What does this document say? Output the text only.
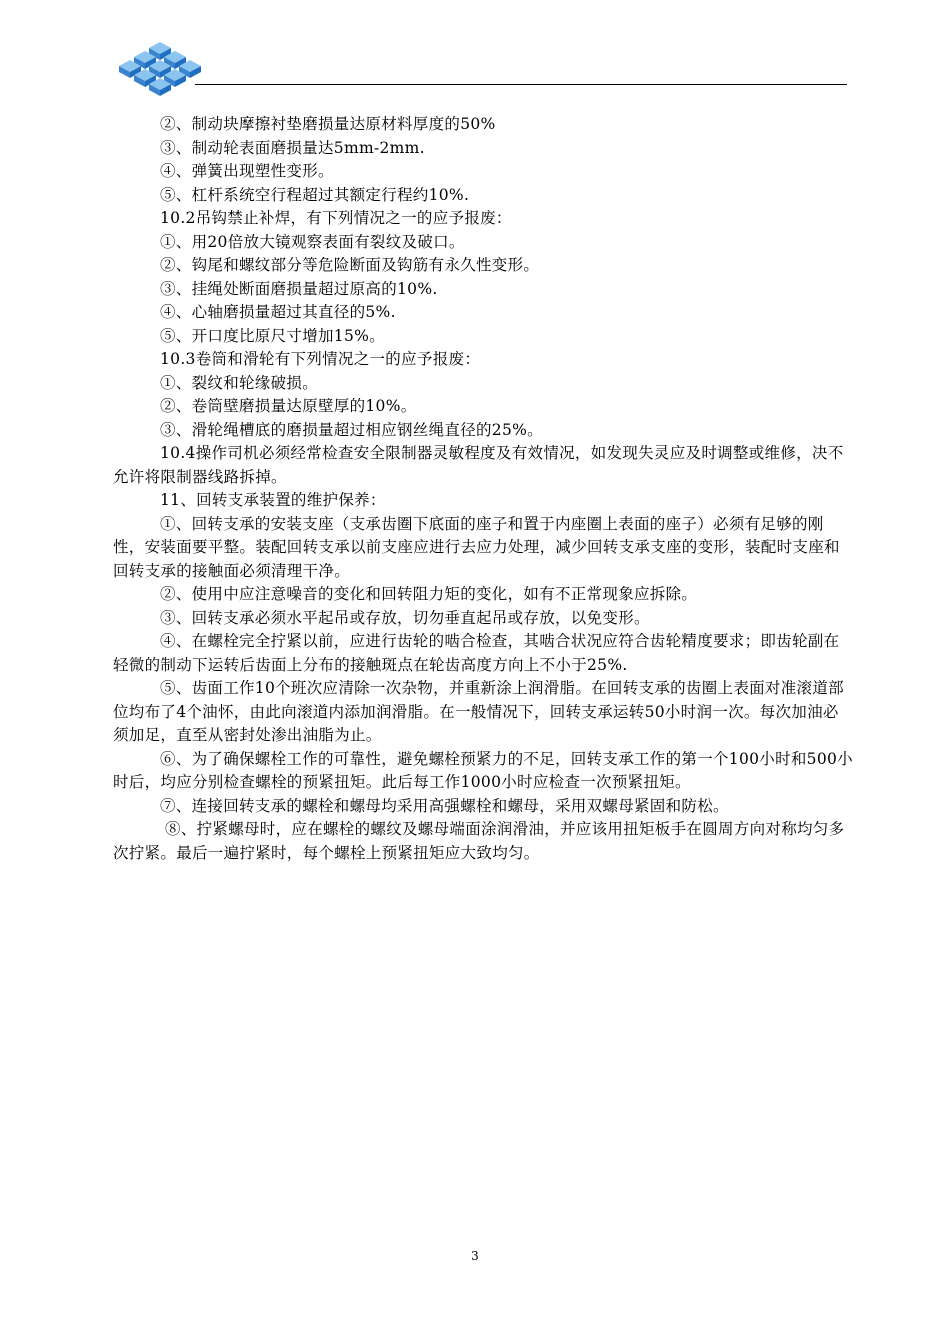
②、制动块摩擦衬垫磨损量达原材料厚度的50%

③、制动轮表面磨损量达5mm-2mm.

④、弹簧出现塑性变形。

⑤、杠杆系统空行程超过其额定行程约10%.

10.2吊钩禁止补焊，有下列情况之一的应予报废：

①、用20倍放大镜观察表面有裂纹及破口。

②、钩尾和螺纹部分等危险断面及钩筋有永久性变形。

③、挂绳处断面磨损量超过原高的10%.

④、心轴磨损量超过其直径的5%.

⑤、开口度比原尺寸增加15%。

10.3卷筒和滑轮有下列情况之一的应予报废：

①、裂纹和轮缘破损。

②、卷筒壁磨损量达原壁厚的10%。

③、滑轮绳槽底的磨损量超过相应钢丝绳直径的25%。

10.4操作司机必须经常检查安全限制器灵敏程度及有效情况，如发现失灵应及时调整或维修，决不允许将限制器线路拆掉。

11、回转支承装置的维护保养：

①、回转支承的安装支座（支承齿圈下底面的座子和置于内座圈上表面的座子）必须有足够的刚性，安装面要平整。装配回转支承以前支座应进行去应力处理，减少回转支承支座的变形，装配时支座和回转支承的接触面必须清理干净。

②、使用中应注意噪音的变化和回转阻力矩的变化，如有不正常现象应拆除。

③、回转支承必须水平起吊或存放，切勿垂直起吊或存放，以免变形。

④、在螺栓完全拧紧以前，应进行齿轮的啮合检查，其啮合状况应符合齿轮精度要求；即齿轮副在轻微的制动下运转后齿面上分布的接触斑点在轮齿高度方向上不小于25%.

⑤、齿面工作10个班次应清除一次杂物，并重新涂上润滑脂。在回转支承的齿圈上表面对准滚道部位均布了4个油怀，由此向滚道内添加润滑脂。在一般情况下，回转支承运转50小时润一次。每次加油必须加足，直至从密封处渗出油脂为止。

⑥、为了确保螺栓工作的可靠性，避免螺栓预紧力的不足，回转支承工作的第一个100小时和500小时后，均应分别检查螺栓的预紧扭矩。此后每工作1000小时应检查一次预紧扭矩。

⑦、连接回转支承的螺栓和螺母均采用高强螺栓和螺母，采用双螺母紧固和防松。

⑧、拧紧螺母时，应在螺栓的螺纹及螺母端面涂润滑油，并应该用扭矩板手在圆周方向对称均匀多次拧紧。最后一遍拧紧时，每个螺栓上预紧扭矩应大致均匀。

3
